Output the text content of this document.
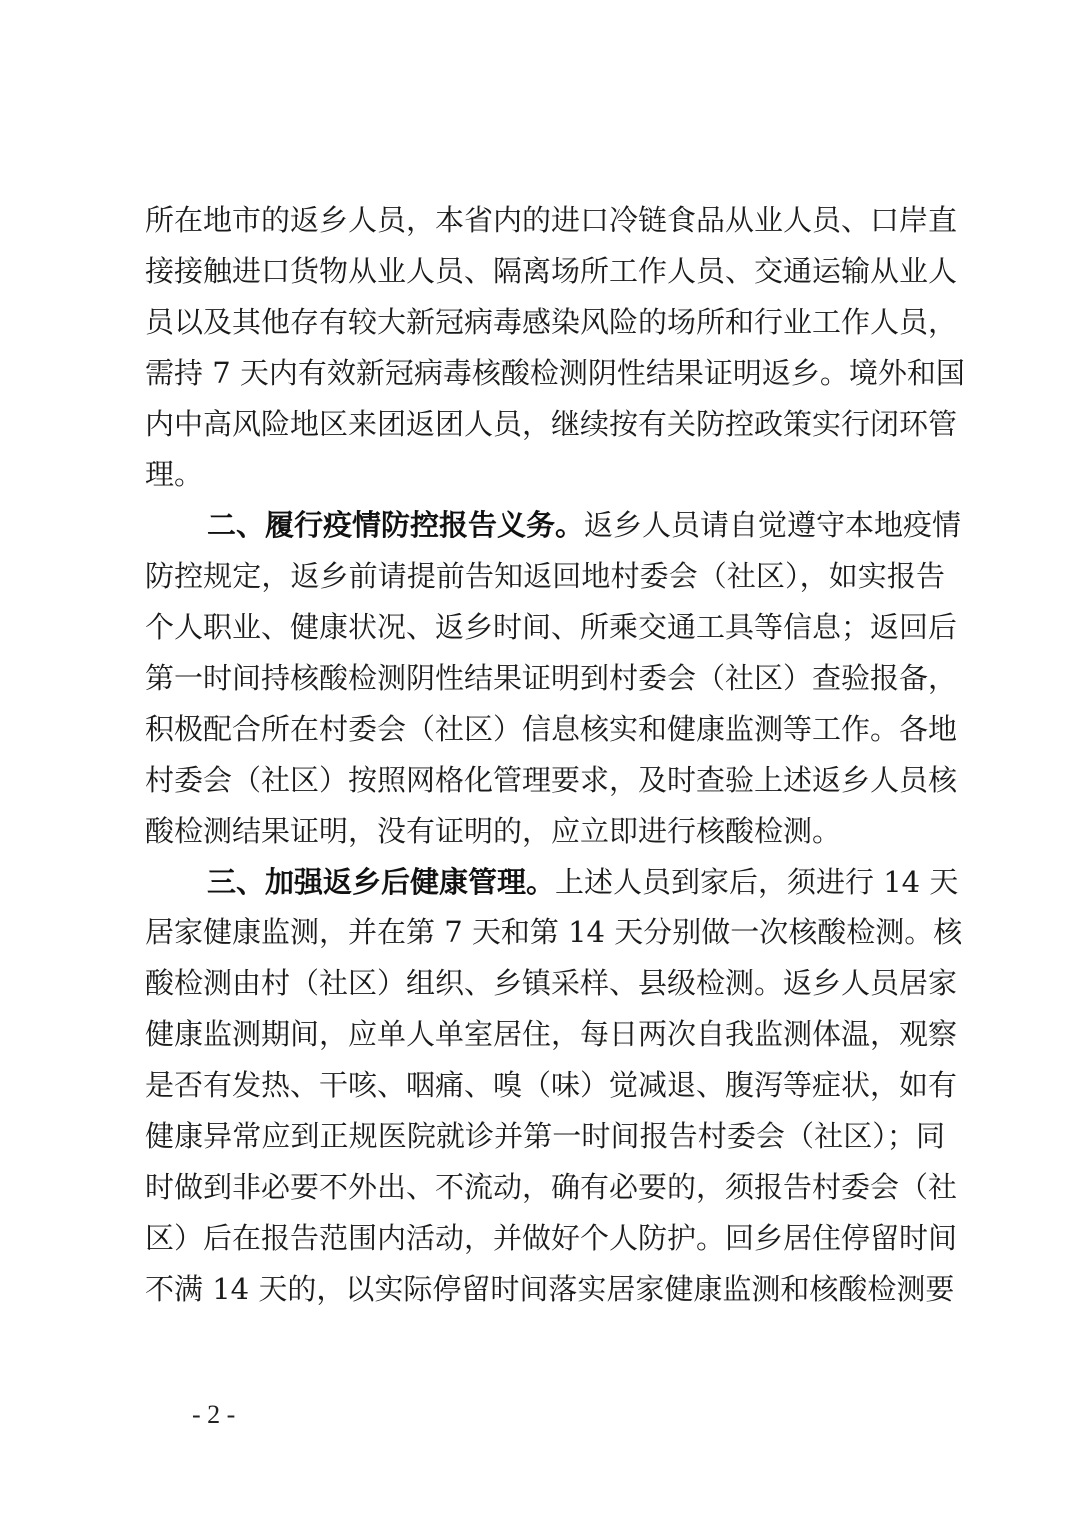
所在地市的返乡人员，本省内的进口冷链食品从业人员、口岸直
接接触进口货物从业人员、隔离场所工作人员、交通运输从业人
员以及其他存有较大新冠病毒感染风险的场所和行业工作人员，
需持 7 天内有效新冠病毒核酸检测阴性结果证明返乡。境外和国
内中高风险地区来团返团人员，继续按有关防控政策实行闭环管
理。
二、履行疫情防控报告义务。返乡人员请自觉遵守本地疫情
防控规定，返乡前请提前告知返回地村委会（社区），如实报告
个人职业、健康状况、返乡时间、所乘交通工具等信息；返回后
第一时间持核酸检测阴性结果证明到村委会（社区）查验报备，
积极配合所在村委会（社区）信息核实和健康监测等工作。各地
村委会（社区）按照网格化管理要求，及时查验上述返乡人员核
酸检测结果证明，没有证明的，应立即进行核酸检测。
三、加强返乡后健康管理。上述人员到家后，须进行 14 天
居家健康监测，并在第 7 天和第 14 天分别做一次核酸检测。核
酸检测由村（社区）组织、乡镇采样、县级检测。返乡人员居家
健康监测期间，应单人单室居住，每日两次自我监测体温，观察
是否有发热、干咳、咽痛、嗅（味）觉减退、腹泻等症状，如有
健康异常应到正规医院就诊并第一时间报告村委会（社区）；同
时做到非必要不外出、不流动，确有必要的，须报告村委会（社
区）后在报告范围内活动，并做好个人防护。回乡居住停留时间
不满 14 天的，以实际停留时间落实居家健康监测和核酸检测要
- 2 -
